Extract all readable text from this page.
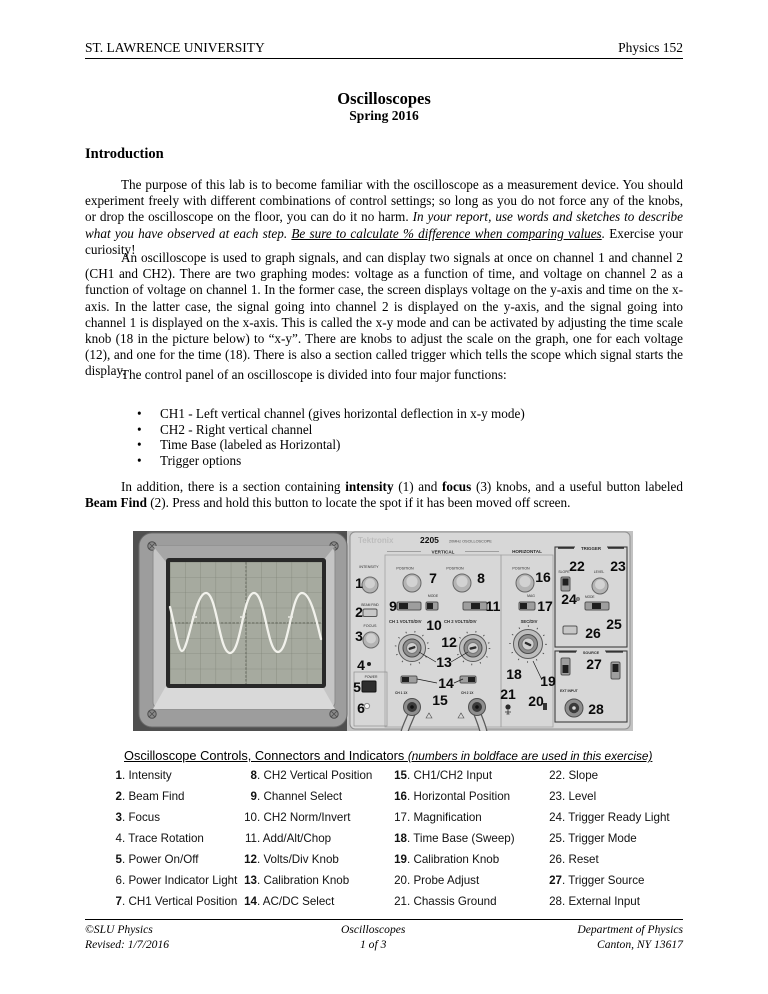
ST. LAWRENCE UNIVERSITY	Physics 152
Oscilloscopes
Spring 2016
Introduction

The purpose of this lab is to become familiar with the oscilloscope as a measurement device. You should experiment freely with different combinations of control settings; so long as you do not force any of the knobs, or drop the oscilloscope on the floor, you can do it no harm. In your report, use words and sketches to describe what you have observed at each step. Be sure to calculate % difference when comparing values. Exercise your curiosity!

An oscilloscope is used to graph signals, and can display two signals at once on channel 1 and channel 2 (CH1 and CH2). There are two graphing modes: voltage as a function of time, and voltage on channel 2 as a function of voltage on channel 1. In the former case, the screen displays voltage on the y-axis and time on the x-axis. In the latter case, the signal going into channel 2 is displayed on the y-axis, and the signal going into channel 1 is displayed on the x-axis. This is called the x-y mode and can be activated by adjusting the time scale knob (18 in the picture below) to “x-y”. There are knobs to adjust the scale on the graph, one for each voltage (12), and one for the time (18). There is also a section called trigger which tells the scope which signal starts the display.

The control panel of an oscilloscope is divided into four major functions:

• CH1 - Left vertical channel (gives horizontal deflection in x-y mode)
• CH2 - Right vertical channel
• Time Base (labeled as Horizontal)
• Trigger options

In addition, there is a section containing intensity (1) and focus (3) knobs, and a useful button labeled Beam Find (2). Press and hold this button to locate the spot if it has been moved off screen.

Tektronix	2205	20MHz OSCILLOSCOPE
VERTICAL	HORIZONTAL
TRIGGER
INTENSITY
BEAM FIND
FOCUS
POWER
POSITION	POSITION
MODE
CH 1 VOLTS/DIV	CH 2 VOLTS/DIV
CH 1 1X	CH 2 1X
POSITION
MAG
SEC/DIV
SLOPE	LEVEL
MODE
SOURCE
EXT INPUT
1
2
3
4
5
6
7	8
9
10
11
12
13
14
15
16
17
18 19
20
21
22 23
24
25
26
27
28
Oscilloscope Controls, Connectors and Indicators (numbers in boldface are used in this exercise)
1. Intensity	8. CH2 Vertical Position	15. CH1/CH2 Input	22. Slope
2. Beam Find	9. Channel Select	16. Horizontal Position	23. Level
3. Focus	10. CH2 Norm/Invert	17. Magnification	24. Trigger Ready Light
4. Trace Rotation	11. Add/Alt/Chop	18. Time Base (Sweep)	25. Trigger Mode
5. Power On/Off	12. Volts/Div Knob	19. Calibration Knob	26. Reset
6. Power Indicator Light 13. Calibration Knob	20. Probe Adjust	27. Trigger Source
7. CH1 Vertical Position 14. AC/DC Select	21. Chassis Ground	28. External Input
©SLU Physics
Revised: 1/7/2016
Oscilloscopes
1 of 3
Department of Physics
Canton, NY 13617
